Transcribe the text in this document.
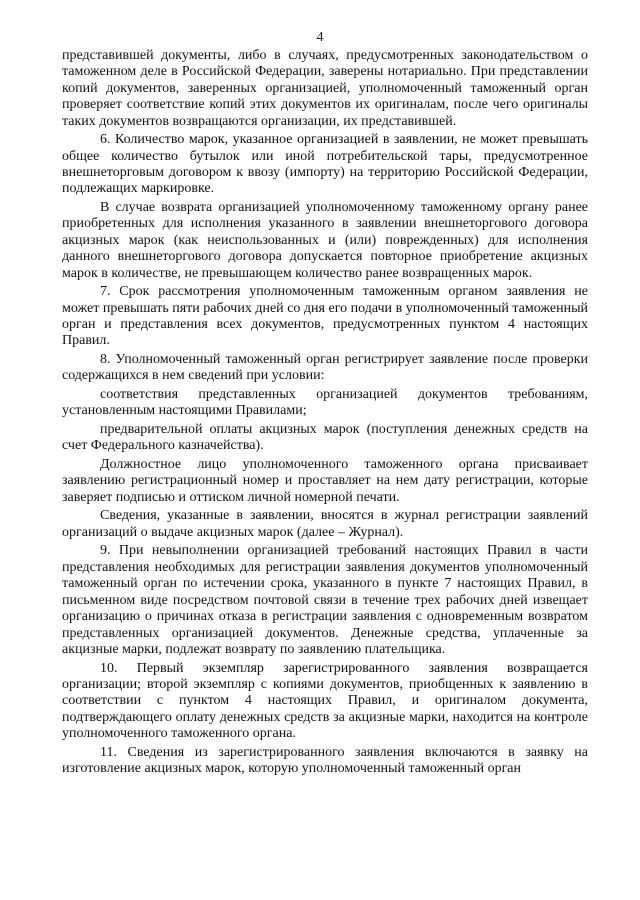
4

представившей документы, либо в случаях, предусмотренных законодательством о таможенном деле в Российской Федерации, заверены нотариально. При представлении копий документов, заверенных организацией, уполномоченный таможенный орган проверяет соответствие копий этих документов их оригиналам, после чего оригиналы таких документов возвращаются организации, их представившей.

6. Количество марок, указанное организацией в заявлении, не может превышать общее количество бутылок или иной потребительской тары, предусмотренное внешнеторговым договором к ввозу (импорту) на территорию Российской Федерации, подлежащих маркировке.

В случае возврата организацией уполномоченному таможенному органу ранее приобретенных для исполнения указанного в заявлении внешнеторгового договора акцизных марок (как неиспользованных и (или) поврежденных) для исполнения данного внешнеторгового договора допускается повторное приобретение акцизных марок в количестве, не превышающем количество ранее возвращенных марок.

7. Срок рассмотрения уполномоченным таможенным органом заявления не может превышать пяти рабочих дней со дня его подачи в уполномоченный таможенный орган и представления всех документов, предусмотренных пунктом 4 настоящих Правил.

8. Уполномоченный таможенный орган регистрирует заявление после проверки содержащихся в нем сведений при условии:

соответствия представленных организацией документов требованиям, установленным настоящими Правилами;

предварительной оплаты акцизных марок (поступления денежных средств на счет Федерального казначейства).

Должностное лицо уполномоченного таможенного органа присваивает заявлению регистрационный номер и проставляет на нем дату регистрации, которые заверяет подписью и оттиском личной номерной печати.

Сведения, указанные в заявлении, вносятся в журнал регистрации заявлений организаций о выдаче акцизных марок (далее – Журнал).

9. При невыполнении организацией требований настоящих Правил в части представления необходимых для регистрации заявления документов уполномоченный таможенный орган по истечении срока, указанного в пункте 7 настоящих Правил, в письменном виде посредством почтовой связи в течение трех рабочих дней извещает организацию о причинах отказа в регистрации заявления с одновременным возвратом представленных организацией документов. Денежные средства, уплаченные за акцизные марки, подлежат возврату по заявлению плательщика.

10. Первый экземпляр зарегистрированного заявления возвращается организации; второй экземпляр с копиями документов, приобщенных к заявлению в соответствии с пунктом 4 настоящих Правил, и оригиналом документа, подтверждающего оплату денежных средств за акцизные марки, находится на контроле уполномоченного таможенного органа.

11. Сведения из зарегистрированного заявления включаются в заявку на изготовление акцизных марок, которую уполномоченный таможенный орган
